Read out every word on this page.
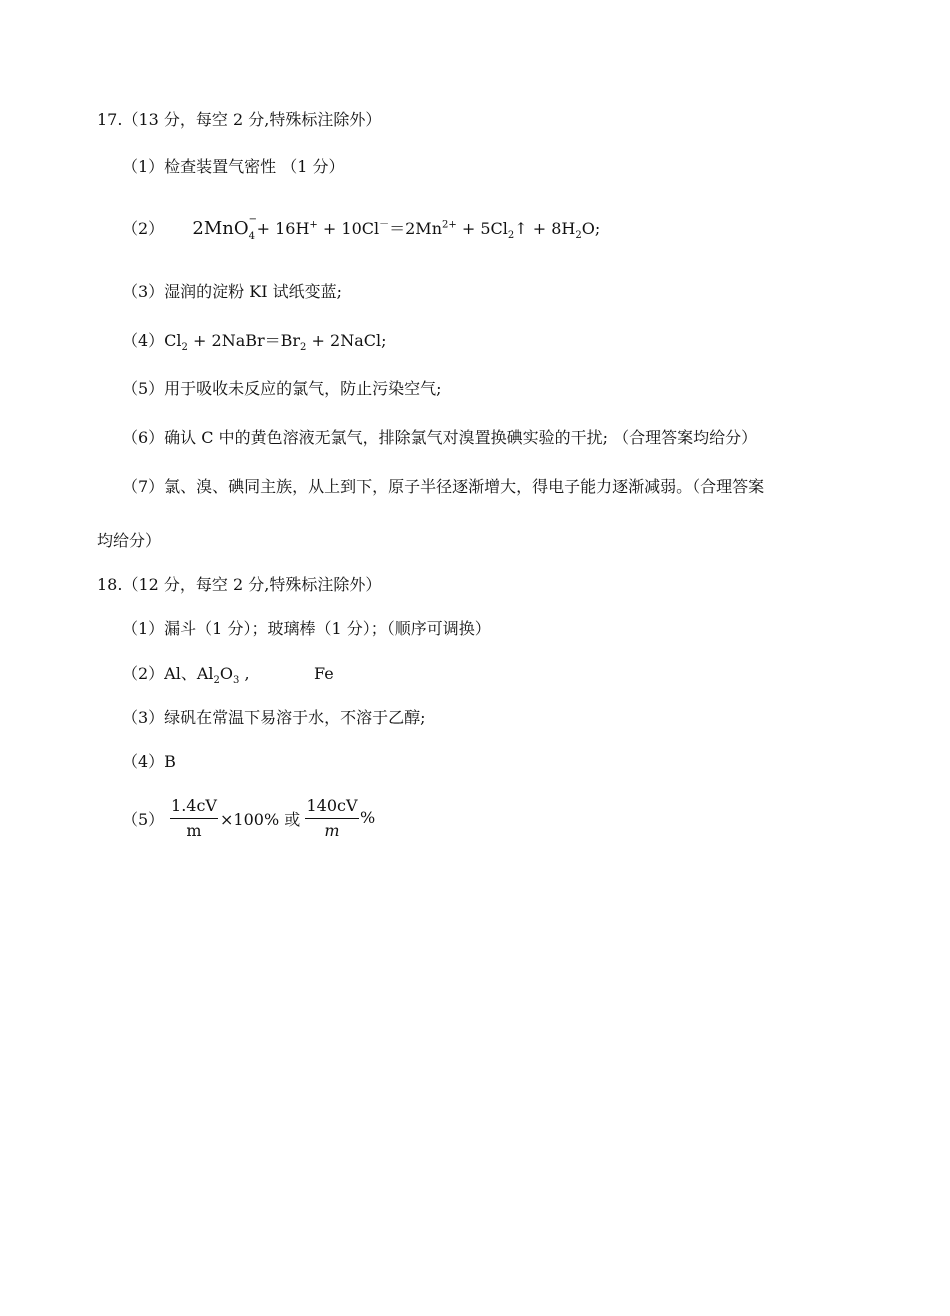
17.（13 分，每空 2 分,特殊标注除外）
（1）检查装置气密性 （1 分）
（2） 2MnO −
$4 + 16H^+ + 10Cl^-=2Mn^{2+}$ + $5Cl_2↑ + 8H_2O$;
（3）湿润的淀粉 KI 试纸变蓝;
$(4)Cl_2$ + $2NaBr=Br_2$ + 2NaCl;
（5）用于吸收未反应的氯气，防止污染空气;
（6）确认 C 中的黄色溶液无氯气，排除氯气对溴置换碘实验的干扰; （合理答案均给分）
（7）氯、溴、碘同主族，从上到下，原子半径逐渐增大，得电子能力逐渐减弱。（合理答案
均给分）
18.（12 分，每空 2 分,特殊标注除外）
（1）漏斗（1 分）；玻璃棒（1 分）；（顺序可调换）
（2）Al、$Al_2O_3$ ,	Fe
（3）绿矾在常温下易溶于水，不溶于乙醇;
（4）B
（5）
1.4cV
m
×100% 或
140cV
m
%
